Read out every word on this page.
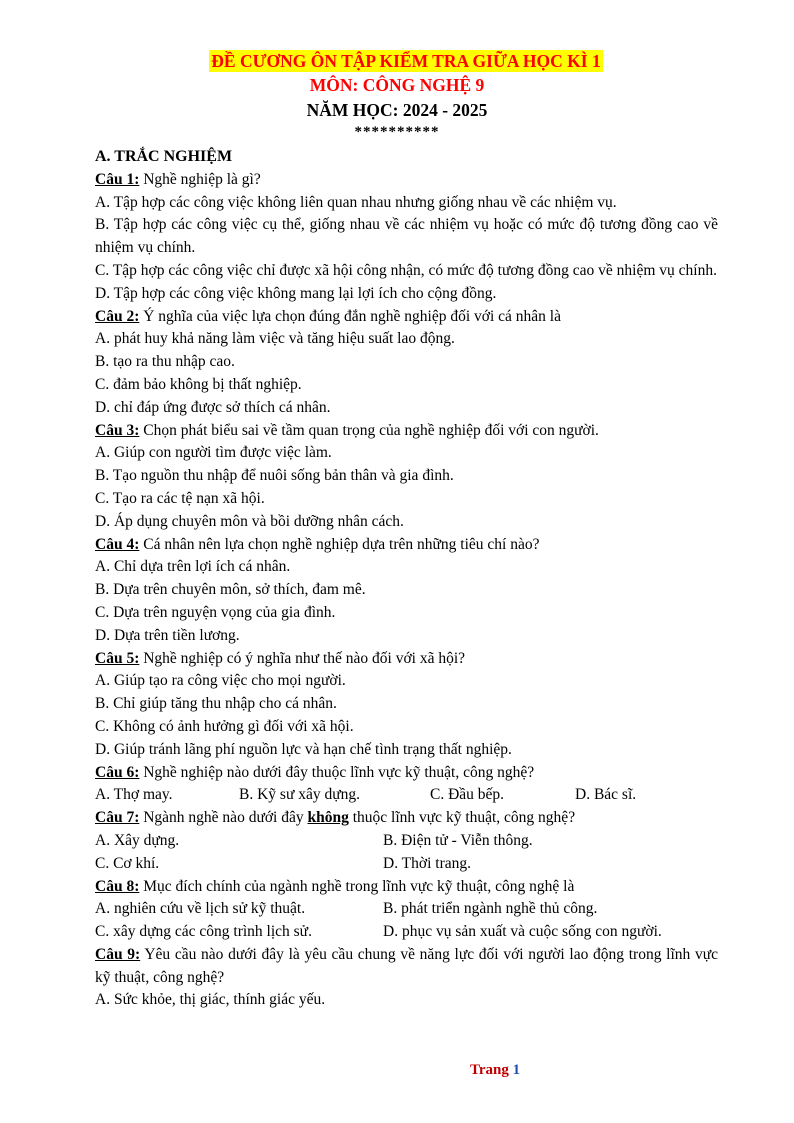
ĐỀ CƯƠNG ÔN TẬP KIỂM TRA GIỮA HỌC KÌ 1
MÔN: CÔNG NGHỆ 9
NĂM HỌC: 2024 - 2025
**********
A. TRẮC NGHIỆM
Câu 1: Nghề nghiệp là gì?
A. Tập hợp các công việc không liên quan nhau nhưng giống nhau về các nhiệm vụ.
B. Tập hợp các công việc cụ thể, giống nhau về các nhiệm vụ hoặc có mức độ tương đồng cao về nhiệm vụ chính.
C. Tập hợp các công việc chỉ được xã hội công nhận, có mức độ tương đồng cao về nhiệm vụ chính.
D. Tập hợp các công việc không mang lại lợi ích cho cộng đồng.
Câu 2: Ý nghĩa của việc lựa chọn đúng đắn nghề nghiệp đối với cá nhân là
A. phát huy khả năng làm việc và tăng hiệu suất lao động.
B. tạo ra thu nhập cao.
C. đảm bảo không bị thất nghiệp.
D. chỉ đáp ứng được sở thích cá nhân.
Câu 3: Chọn phát biểu sai về tầm quan trọng của nghề nghiệp đối với con người.
A. Giúp con người tìm được việc làm.
B. Tạo nguồn thu nhập để nuôi sống bản thân và gia đình.
C. Tạo ra các tệ nạn xã hội.
D. Áp dụng chuyên môn và bồi dưỡng nhân cách.
Câu 4: Cá nhân nên lựa chọn nghề nghiệp dựa trên những tiêu chí nào?
A. Chỉ dựa trên lợi ích cá nhân.
B. Dựa trên chuyên môn, sở thích, đam mê.
C. Dựa trên nguyện vọng của gia đình.
D. Dựa trên tiền lương.
Câu 5: Nghề nghiệp có ý nghĩa như thế nào đối với xã hội?
A. Giúp tạo ra công việc cho mọi người.
B. Chỉ giúp tăng thu nhập cho cá nhân.
C. Không có ảnh hưởng gì đối với xã hội.
D. Giúp tránh lãng phí nguồn lực và hạn chế tình trạng thất nghiệp.
Câu 6: Nghề nghiệp nào dưới đây thuộc lĩnh vực kỹ thuật, công nghệ?
A. Thợ may.	B. Kỹ sư xây dựng.	C. Đầu bếp.	D. Bác sĩ.
Câu 7: Ngành nghề nào dưới đây không thuộc lĩnh vực kỹ thuật, công nghệ?
A. Xây dựng.	B. Điện tử - Viễn thông.
C. Cơ khí.	D. Thời trang.
Câu 8: Mục đích chính của ngành nghề trong lĩnh vực kỹ thuật, công nghệ là
A. nghiên cứu về lịch sử kỹ thuật.	B. phát triển ngành nghề thủ công.
C. xây dựng các công trình lịch sử.	D. phục vụ sản xuất và cuộc sống con người.
Câu 9: Yêu cầu nào dưới đây là yêu cầu chung về năng lực đối với người lao động trong lĩnh vực kỹ thuật, công nghệ?
A. Sức khỏe, thị giác, thính giác yếu.
Trang 1
